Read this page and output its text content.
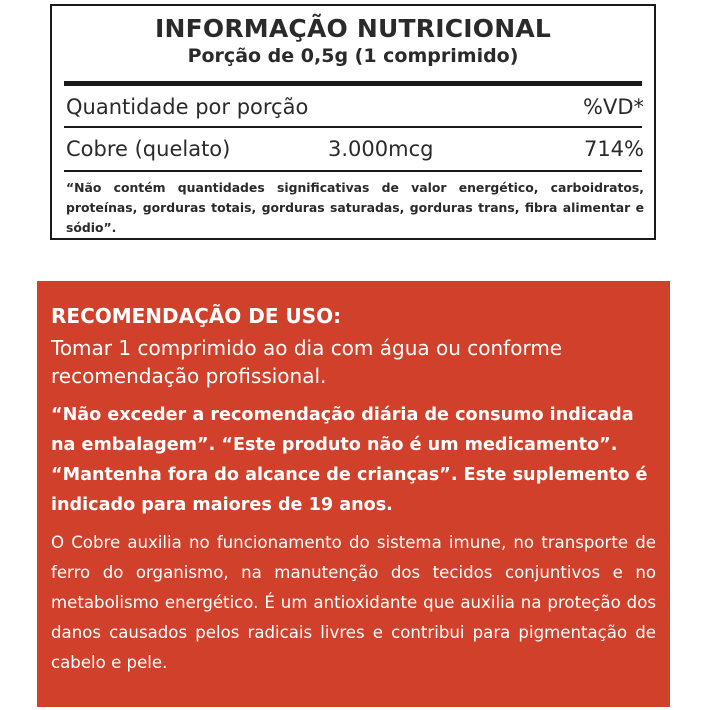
INFORMAÇÃO NUTRICIONAL
Porção de 0,5g (1 comprimido)
Quantidade por porção	%VD*
Cobre (quelato)	3.000mcg	714%
“Não contém quantidades significativas de valor energético, carboidratos, proteínas, gorduras totais, gorduras saturadas, gorduras trans, fibra alimentar e sódio”.
RECOMENDAÇÃO DE USO:
Tomar 1 comprimido ao dia com água ou conforme recomendação profissional.
“Não exceder a recomendação diária de consumo indicada na embalagem”. “Este produto não é um medicamento”. “Mantenha fora do alcance de crianças”. Este suplemento é indicado para maiores de 19 anos.
O Cobre auxilia no funcionamento do sistema imune, no transporte de ferro do organismo, na manutenção dos tecidos conjuntivos e no metabolismo energético. É um antioxidante que auxilia na proteção dos danos causados pelos radicais livres e contribui para pigmentação de cabelo e pele.
